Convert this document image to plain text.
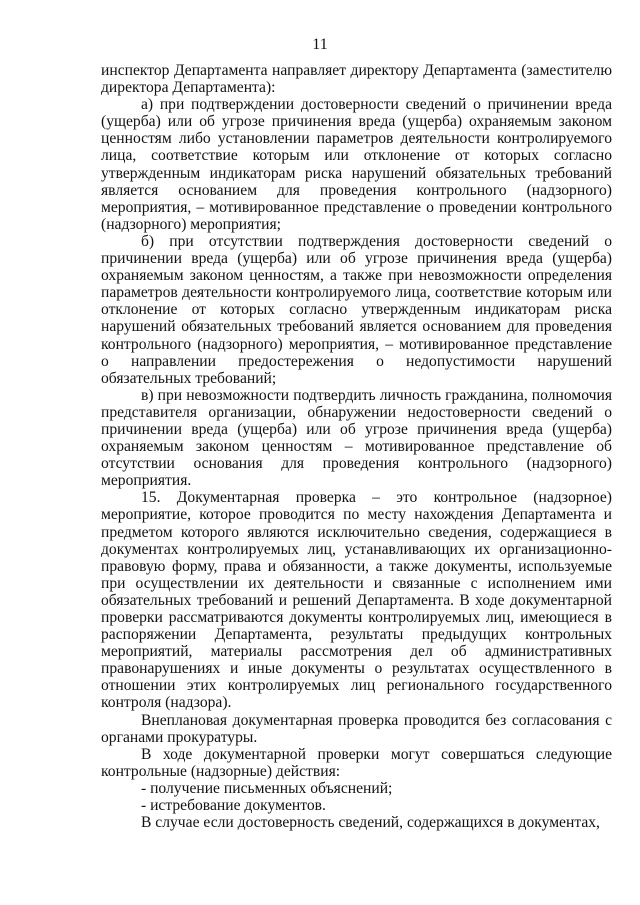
11

инспектор Департамента направляет директору Департамента (заместителю директора Департамента):

а) при подтверждении достоверности сведений о причинении вреда (ущерба) или об угрозе причинения вреда (ущерба) охраняемым законом ценностям либо установлении параметров деятельности контролируемого лица, соответствие которым или отклонение от которых согласно утвержденным индикаторам риска нарушений обязательных требований является основанием для проведения контрольного (надзорного) мероприятия, – мотивированное представление о проведении контрольного (надзорного) мероприятия;

б) при отсутствии подтверждения достоверности сведений о причинении вреда (ущерба) или об угрозе причинения вреда (ущерба) охраняемым законом ценностям, а также при невозможности определения параметров деятельности контролируемого лица, соответствие которым или отклонение от которых согласно утвержденным индикаторам риска нарушений обязательных требований является основанием для проведения контрольного (надзорного) мероприятия, – мотивированное представление о направлении предостережения о недопустимости нарушений обязательных требований;

в) при невозможности подтвердить личность гражданина, полномочия представителя организации, обнаружении недостоверности сведений о причинении вреда (ущерба) или об угрозе причинения вреда (ущерба) охраняемым законом ценностям – мотивированное представление об отсутствии основания для проведения контрольного (надзорного) мероприятия.

15. Документарная проверка – это контрольное (надзорное) мероприятие, которое проводится по месту нахождения Департамента и предметом которого являются исключительно сведения, содержащиеся в документах контролируемых лиц, устанавливающих их организационно-правовую форму, права и обязанности, а также документы, используемые при осуществлении их деятельности и связанные с исполнением ими обязательных требований и решений Департамента. В ходе документарной проверки рассматриваются документы контролируемых лиц, имеющиеся в распоряжении Департамента, результаты предыдущих контрольных мероприятий, материалы рассмотрения дел об административных правонарушениях и иные документы о результатах осуществленного в отношении этих контролируемых лиц регионального государственного контроля (надзора).

Внеплановая документарная проверка проводится без согласования с органами прокуратуры.

В ходе документарной проверки могут совершаться следующие контрольные (надзорные) действия:

- получение письменных объяснений;

- истребование документов.

В случае если достоверность сведений, содержащихся в документах,
